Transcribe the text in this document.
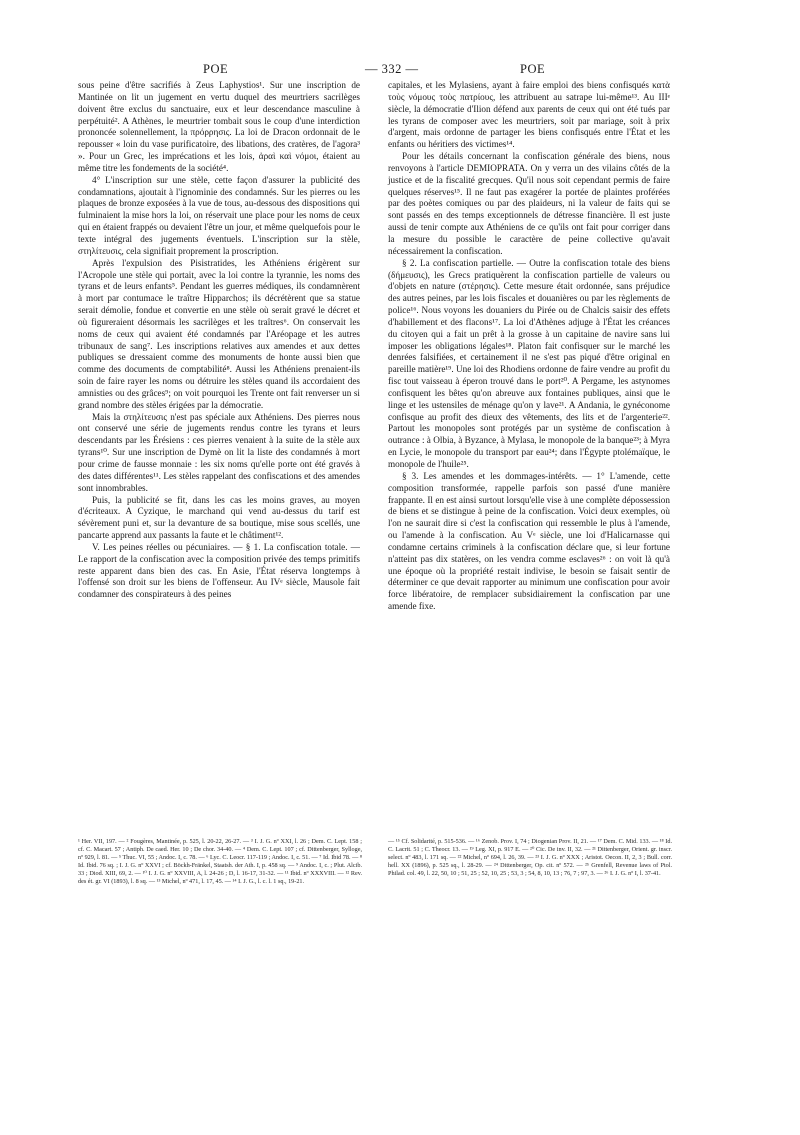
POE	— 332 —	POE

sous peine d'être sacrifiés à Zeus Laphystios¹. Sur une inscription de Mantinée on lit un jugement en vertu duquel des meurtriers sacrilèges doivent être exclus du sanctuaire, eux et leur descendance masculine à perpétuité². A Athènes, le meurtrier tombait sous le coup d'une interdiction prononcée solennellement, la πρόρρησις. La loi de Dracon ordonnait de le repousser « loin du vase purificatoire, des libations, des cratères, de l'agora³ ». Pour un Grec, les imprécations et les lois, ἀραὶ καὶ νόμοι, étaient au même titre les fondements de la société⁴.

4° L'inscription sur une stèle, cette façon d'assurer la publicité des condamnations, ajoutait à l'ignominie des condamnés. Sur les pierres ou les plaques de bronze exposées à la vue de tous, au-dessous des dispositions qui fulminaient la mise hors la loi, on réservait une place pour les noms de ceux qui en étaient frappés ou devaient l'être un jour, et même quelquefois pour le texte intégral des jugements éventuels. L'inscription sur la stèle, στηλίτευσις, cela signifiait proprement la proscription.

Après l'expulsion des Pisistratides, les Athéniens érigèrent sur l'Acropole une stèle qui portait, avec la loi contre la tyrannie, les noms des tyrans et de leurs enfants⁵. Pendant les guerres médiques, ils condamnèrent à mort par contumace le traître Hipparchos; ils décrétèrent que sa statue serait démolie, fondue et convertie en une stèle où serait gravé le décret et où figureraient désormais les sacrilèges et les traîtres⁶. On conservait les noms de ceux qui avaient été condamnés par l'Aréopage et les autres tribunaux de sang⁷. Les inscriptions relatives aux amendes et aux dettes publiques se dressaient comme des monuments de honte aussi bien que comme des documents de comptabilité⁸. Aussi les Athéniens prenaient-ils soin de faire rayer les noms ou détruire les stèles quand ils accordaient des amnisties ou des grâces⁹; on voit pourquoi les Trente ont fait renverser un si grand nombre des stèles érigées par la démocratie.

Mais la στηλίτευσις n'est pas spéciale aux Athéniens. Des pierres nous ont conservé une série de jugements rendus contre les tyrans et leurs descendants par les Érésiens : ces pierres venaient à la suite de la stèle aux tyrans¹⁰. Sur une inscription de Dymè on lit la liste des condamnés à mort pour crime de fausse monnaie : les six noms qu'elle porte ont été gravés à des dates différentes¹¹. Les stèles rappelant des confiscations et des amendes sont innombrables.

Puis, la publicité se fit, dans les cas les moins graves, au moyen d'écriteaux. A Cyzique, le marchand qui vend au-dessus du tarif est sévèrement puni et, sur la devanture de sa boutique, mise sous scellés, une pancarte apprend aux passants la faute et le châtiment¹².

V. Les peines réelles ou pécuniaires. — § 1. La confiscation totale. — Le rapport de la confiscation avec la composition privée des temps primitifs reste apparent dans bien des cas. En Asie, l'État réserva longtemps à l'offensé son droit sur les biens de l'offenseur. Au IVᵉ siècle, Mausole fait condamner des conspirateurs à des peines

capitales, et les Mylasiens, ayant à faire emploi des biens confisqués κατὰ τοὺς νόμους τοὺς πατρίους, les attribuent au satrape lui-même¹³. Au IIIᵉ siècle, la démocratie d'Ilion défend aux parents de ceux qui ont été tués par les tyrans de composer avec les meurtriers, soit par mariage, soit à prix d'argent, mais ordonne de partager les biens confisqués entre l'État et les enfants ou héritiers des victimes¹⁴.

Pour les détails concernant la confiscation générale des biens, nous renvoyons à l'article DEMIOPRATA. On y verra un des vilains côtés de la justice et de la fiscalité grecques. Qu'il nous soit cependant permis de faire quelques réserves¹⁵. Il ne faut pas exagérer la portée de plaintes proférées par des poètes comiques ou par des plaideurs, ni la valeur de faits qui se sont passés en des temps exceptionnels de détresse financière. Il est juste aussi de tenir compte aux Athéniens de ce qu'ils ont fait pour corriger dans la mesure du possible le caractère de peine collective qu'avait nécessairement la confiscation.

§ 2. La confiscation partielle. — Outre la confiscation totale des biens (δήμευσις), les Grecs pratiquèrent la confiscation partielle de valeurs ou d'objets en nature (στέρησις). Cette mesure était ordonnée, sans préjudice des autres peines, par les lois fiscales et douanières ou par les règlements de police¹⁶. Nous voyons les douaniers du Pirée ou de Chalcis saisir des effets d'habillement et des flacons¹⁷. La loi d'Athènes adjuge à l'État les créances du citoyen qui a fait un prêt à la grosse à un capitaine de navire sans lui imposer les obligations légales¹⁸. Platon fait confisquer sur le marché les denrées falsifiées, et certainement il ne s'est pas piqué d'être original en pareille matière¹⁹. Une loi des Rhodiens ordonne de faire vendre au profit du fisc tout vaisseau à éperon trouvé dans le port²⁰. A Pergame, les astynomes confisquent les bêtes qu'on abreuve aux fontaines publiques, ainsi que le linge et les ustensiles de ménage qu'on y lave²¹. A Andania, le gynéconome confisque au profit des dieux des vêtements, des lits et de l'argenterie²². Partout les monopoles sont protégés par un système de confiscation à outrance : à Olbia, à Byzance, à Mylasa, le monopole de la banque²³; à Myra en Lycie, le monopole du transport par eau²⁴; dans l'Égypte ptolémaïque, le monopole de l'huile²⁵.

§ 3. Les amendes et les dommages-intérêts. — 1° L'amende, cette composition transformée, rappelle parfois son passé d'une manière frappante. Il en est ainsi surtout lorsqu'elle vise à une complète dépossession de biens et se distingue à peine de la confiscation. Voici deux exemples, où l'on ne saurait dire si c'est la confiscation qui ressemble le plus à l'amende, ou l'amende à la confiscation. Au Vᵉ siècle, une loi d'Halicarnasse qui condamne certains criminels à la confiscation déclare que, si leur fortune n'atteint pas dix statères, on les vendra comme esclaves²⁶ : on voit là qu'à une époque où la propriété restait indivise, le besoin se faisait sentir de déterminer ce que devait rapporter au minimum une confiscation pour avoir force libératoire, de remplacer subsidiairement la confiscation par une amende fixe.

¹ Her. VII, 197. — ² Fougères, Mantinée, p. 525, l. 20-22, 26-27. — ³ I. J. G. nº XXI, l. 26 ; Dem. C. Lept. 158 ; cf. C. Macart. 57 ; Antiph. De caed. Her. 10 ; De chor. 34-40. — ⁴ Dem. C. Lept. 107 ; cf. Dittenberger, Sylloge, nº 929, l. 81. — ⁵ Thuc. VI, 55 ; Andoc. I, c. 78. — ⁶ Lyc. C. Leocr. 117-119 ; Andoc. I, c. 51. — ⁷ Id. Ibid 78. — ⁸ Id. Ibid. 76 sq. ; I. J. G. nº XXVI ; cf. Böckh-Fränkel, Staatsh. der Ath. I, p. 458 sq. — ⁹ Andoc. I, c. ; Plut. Alcib. 33 ; Diod. XIII, 69, 2. — ¹⁰ I. J. G. nº XXVIII, A, l. 24-26 ; D, l. 16-17, 31-32. — ¹¹ Ibid. nº XXXVIII. — ¹² Rev. des ét. gr. VI (1893), l. 8 sq. — ¹³ Michel, nº 471, l. 17, 45. — ¹⁴ I. J. G., l. c. l. 1 sq., 19-21.

— ¹⁵ Cf. Solidarité, p. 515-536. — ¹⁶ Zenob. Prov. I, 74 ; Diogenian Prov. II, 21. — ¹⁷ Dem. C. Mid. 133. — ¹⁸ Id. C. Lacrit. 51 ; C. Theocr. 13. — ¹⁹ Leg. XI, p. 917 E. — ²⁰ Cic. De inv. II, 32. — ²¹ Dittenberger, Orient. gr. inscr. select. nº 483, l. 171 sq. — ²² Michel, nº 694, l. 26, 39. — ²³ I. J. G. nº XXX ; Aristot. Oecon. II, 2, 3 ; Bull. corr. hell. XX (1896), p. 525 sq., l. 28-29. — ²⁴ Dittenberger, Op. cit. nº 572. — ²⁵ Grenfell, Revenue laws of Ptol. Philad. col. 49, l. 22, 50, 10 ; 51, 25 ; 52, 10, 25 ; 53, 3 ; 54, 8, 10, 13 ; 76, 7 ; 97, 3. — ²⁶ I. J. G. nº I, l. 37-41.
